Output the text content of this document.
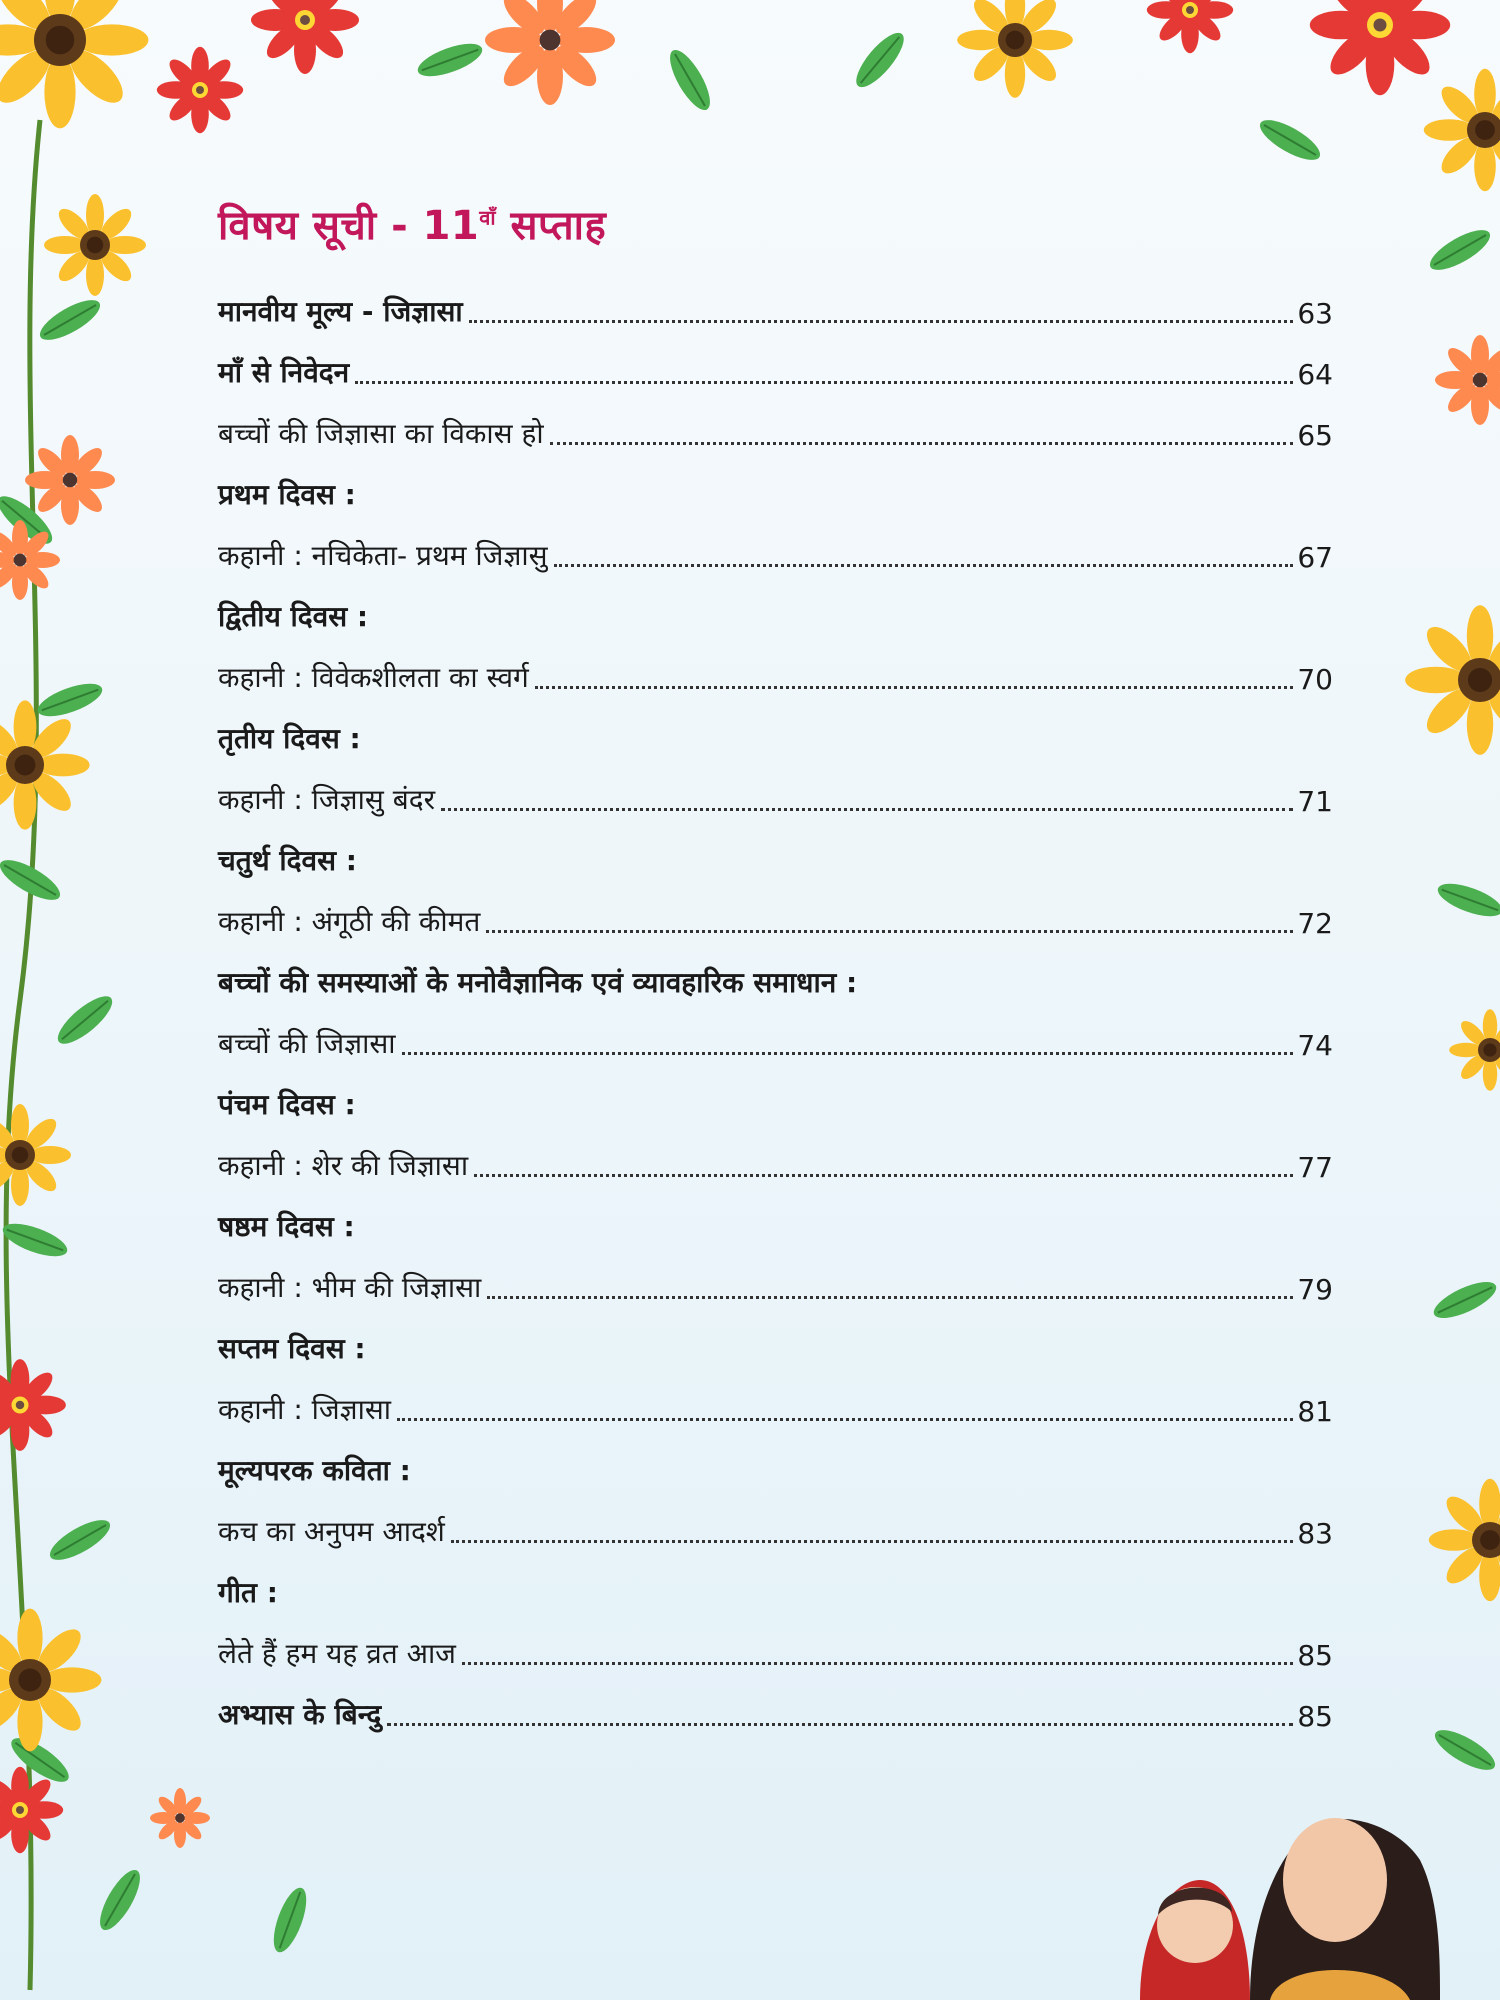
विषय सूची - $11^{वाँ}$ सप्ताह
मानवीय मूल्य - जिज्ञासा	63
माँ से निवेदन	64
बच्चों की जिज्ञासा का विकास हो	65
प्रथम दिवस :
कहानी : नचिकेता- प्रथम जिज्ञासु	67
द्वितीय दिवस :
कहानी : विवेकशीलता का स्वर्ग	70
तृतीय दिवस :
कहानी : जिज्ञासु बंदर	71
चतुर्थ दिवस :
कहानी : अंगूठी की कीमत	72
बच्चों की समस्याओं के मनोवैज्ञानिक एवं व्यावहारिक समाधान :
बच्चों की जिज्ञासा	74
पंचम दिवस :
कहानी : शेर की जिज्ञासा	77
षष्ठम दिवस :
कहानी : भीम की जिज्ञासा	79
सप्तम दिवस :
कहानी : जिज्ञासा	81
मूल्यपरक कविता :
कच का अनुपम आदर्श	83
गीत :
लेते हैं हम यह व्रत आज	85
अभ्यास के बिन्दु	85
